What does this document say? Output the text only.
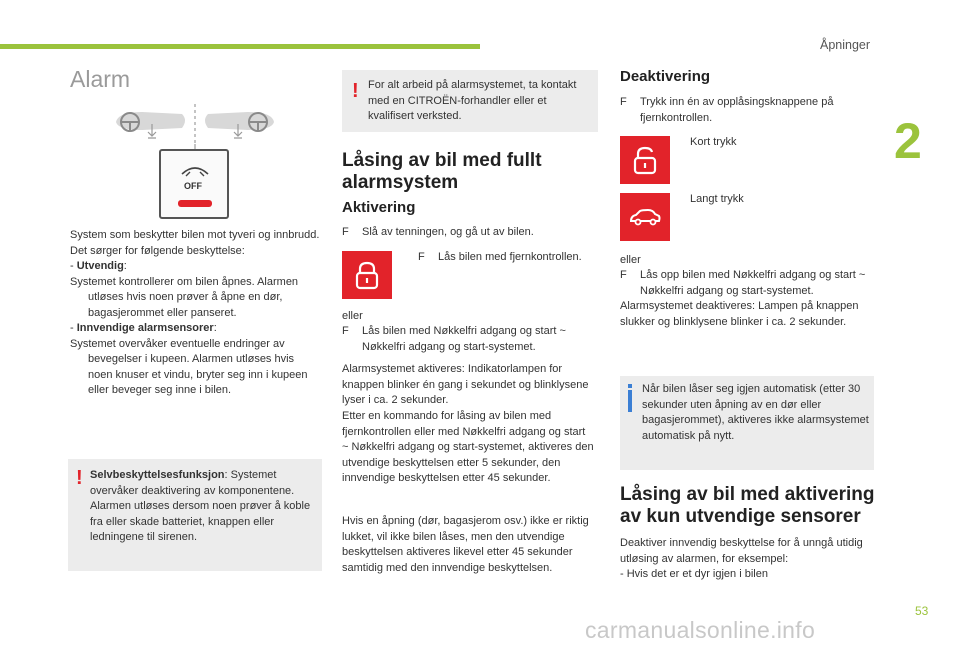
Åpninger
2
53
carmanualsonline.info
Alarm
OFF

System som beskytter bilen mot tyveri og innbrudd. Det sørger for følgende beskyttelse:

- Utvendig:

Systemet kontrollerer om bilen åpnes. Alarmen

utløses hvis noen prøver å åpne en dør, bagasjerommet eller panseret.

- Innvendige alarmsensorer:

Systemet overvåker eventuelle endringer av

bevegelser i kupeen. Alarmen utløses hvis noen knuser et vindu, bryter seg inn i kupeen eller beveger seg inne i bilen.

! Selvbeskyttelsesfunksjon: Systemet overvåker deaktivering av komponentene. Alarmen utløses dersom noen prøver å koble fra eller skade batteriet, knappen eller ledningene til sirenen.
! For alt arbeid på alarmsystemet, ta kontakt med en CITROËN-forhandler eller et kvalifisert verksted.
Låsing av bil med fullt alarmsystem
Aktivering
F Slå av tenningen, og gå ut av bilen.
F Lås bilen med fjernkontrollen.
eller
F Lås bilen med Nøkkelfri adgang og start ~ Nøkkelfri adgang og start-systemet.
Alarmsystemet aktiveres: Indikatorlampen for knappen blinker én gang i sekundet og blinklysene lyser i ca. 2 sekunder.
Etter en kommando for låsing av bilen med fjernkontrollen eller med Nøkkelfri adgang og start ~ Nøkkelfri adgang og start-systemet, aktiveres den utvendige beskyttelsen etter 5 sekunder, den innvendige beskyttelsen etter 45 sekunder.
Hvis en åpning (dør, bagasjerom osv.) ikke er riktig lukket, vil ikke bilen låses, men den utvendige beskyttelsen aktiveres likevel etter 45 sekunder samtidig med den innvendige beskyttelsen.
Deaktivering
F Trykk inn én av opplåsingsknappene på fjernkontrollen.
Kort trykk
Langt trykk
eller
F Lås opp bilen med Nøkkelfri adgang og start ~ Nøkkelfri adgang og start-systemet.
Alarmsystemet deaktiveres: Lampen på knappen slukker og blinklysene blinker i ca. 2 sekunder.
Når bilen låser seg igjen automatisk (etter 30 sekunder uten åpning av en dør eller bagasjerommet), aktiveres ikke alarmsystemet automatisk på nytt.
Låsing av bil med aktivering av kun utvendige sensorer
Deaktiver innvendig beskyttelse for å unngå utidig utløsing av alarmen, for eksempel:
- Hvis det er et dyr igjen i bilen
